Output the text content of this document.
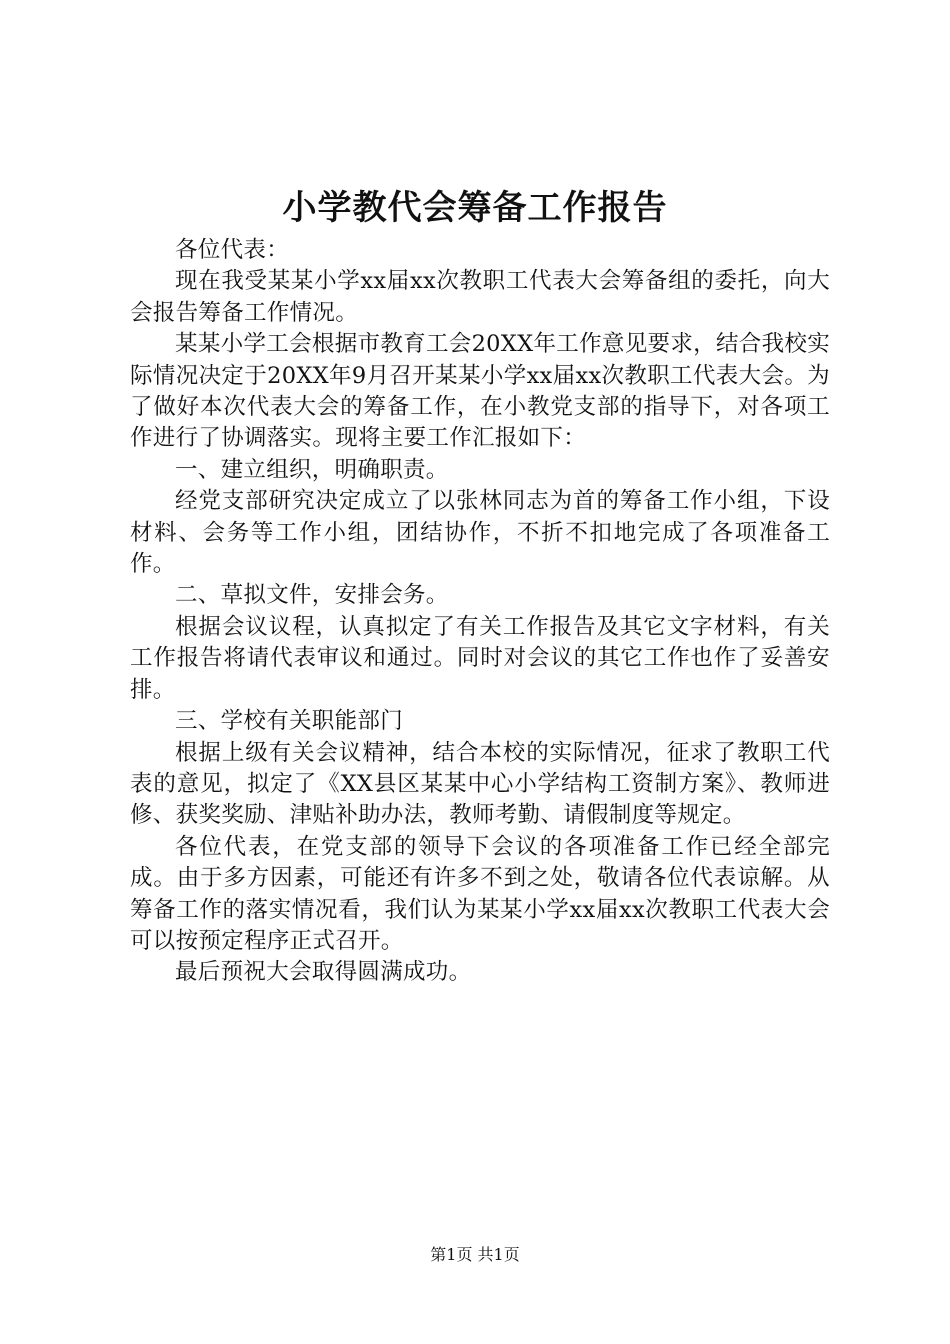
小学教代会筹备工作报告

各位代表：

现在我受某某小学xx届xx次教职工代表大会筹备组的委托，向大会报告筹备工作情况。

某某小学工会根据市教育工会20XX年工作意见要求，结合我校实际情况决定于20XX年9月召开某某小学xx届xx次教职工代表大会。为了做好本次代表大会的筹备工作，在小教党支部的指导下，对各项工作进行了协调落实。现将主要工作汇报如下：

一、建立组织，明确职责。

经党支部研究决定成立了以张林同志为首的筹备工作小组，下设材料、会务等工作小组，团结协作，不折不扣地完成了各项准备工作。

二、草拟文件，安排会务。

根据会议议程，认真拟定了有关工作报告及其它文字材料，有关工作报告将请代表审议和通过。同时对会议的其它工作也作了妥善安排。

三、学校有关职能部门

根据上级有关会议精神，结合本校的实际情况，征求了教职工代表的意见，拟定了《XX县区某某中心小学结构工资制方案》、教师进修、获奖奖励、津贴补助办法，教师考勤、请假制度等规定。

各位代表，在党支部的领导下会议的各项准备工作已经全部完成。由于多方因素，可能还有许多不到之处，敬请各位代表谅解。从筹备工作的落实情况看，我们认为某某小学xx届xx次教职工代表大会可以按预定程序正式召开。

最后预祝大会取得圆满成功。

第1页 共1页
